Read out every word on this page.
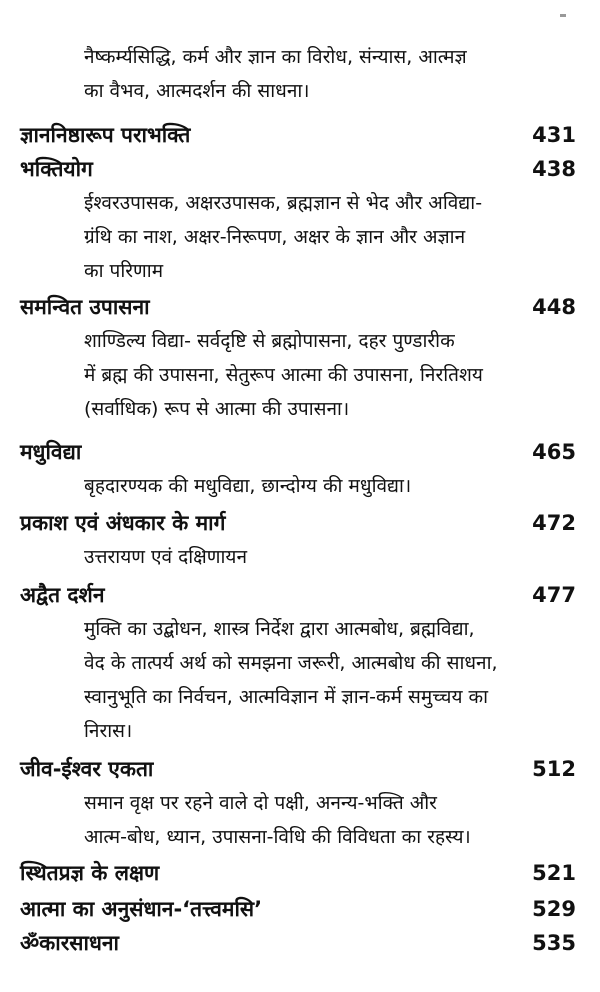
नैष्कर्म्यसिद्धि, कर्म और ज्ञान का विरोध, संन्यास, आत्मज्ञ
का वैभव, आत्मदर्शन की साधना।
ज्ञाननिष्ठारूप पराभक्ति	431
भक्तियोग	438
ईश्वरउपासक, अक्षरउपासक, ब्रह्मज्ञान से भेद और अविद्या-
ग्रंथि का नाश, अक्षर-निरूपण, अक्षर के ज्ञान और अज्ञान
का परिणाम
समन्वित उपासना	448
शाण्डिल्य विद्या- सर्वदृष्टि से ब्रह्मोपासना, दहर पुण्डारीक
में ब्रह्म की उपासना, सेतुरूप आत्मा की उपासना, निरतिशय
(सर्वाधिक) रूप से आत्मा की उपासना।
मधुविद्या	465
बृहदारण्यक की मधुविद्या, छान्दोग्य की मधुविद्या।
प्रकाश एवं अंधकार के मार्ग	472
उत्तरायण एवं दक्षिणायन
अद्वैत दर्शन	477
मुक्ति का उद्बोधन, शास्त्र निर्देश द्वारा आत्मबोध, ब्रह्मविद्या,
वेद के तात्पर्य अर्थ को समझना जरूरी, आत्मबोध की साधना,
स्वानुभूति का निर्वचन, आत्मविज्ञान में ज्ञान-कर्म समुच्चय का
निरास।
जीव-ईश्वर एकता	512
समान वृक्ष पर रहने वाले दो पक्षी, अनन्य-भक्ति और
आत्म-बोध, ध्यान, उपासना-विधि की विविधता का रहस्य।
स्थितप्रज्ञ के लक्षण	521
आत्मा का अनुसंधान-‘तत्त्वमसि’	529
ॐकारसाधना	535
